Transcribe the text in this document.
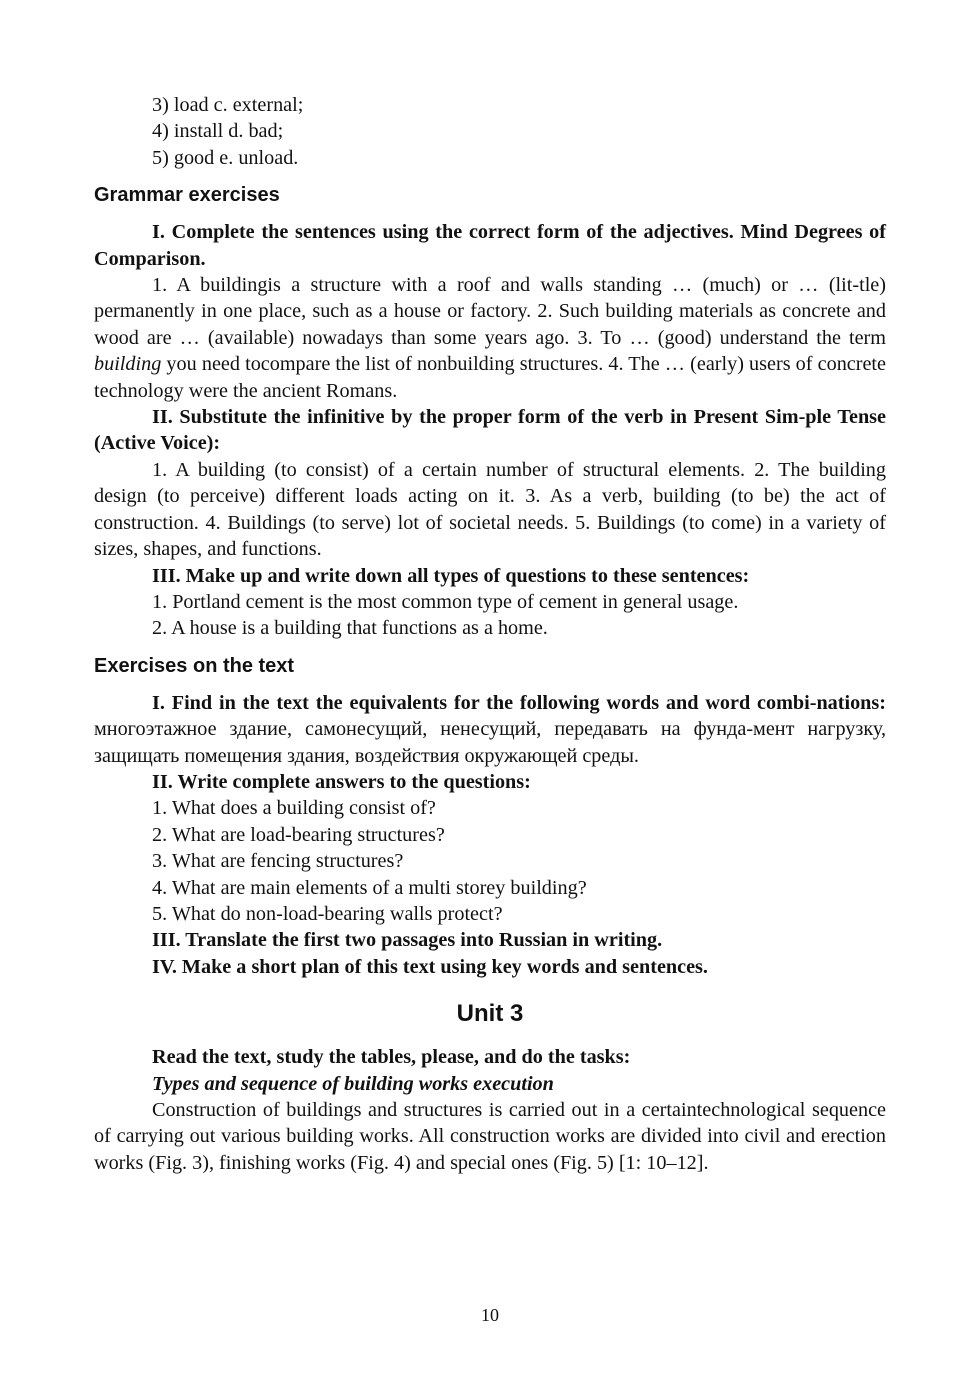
3) load c. external;

4) install d. bad;

5) good e. unload.

Grammar exercises

I. Complete the sentences using the correct form of the adjectives. Mind Degrees of Comparison.

1. A buildingis a structure with a roof and walls standing … (much) or … (lit-tle) permanently in one place, such as a house or factory. 2. Such building materials as concrete and wood are … (available) nowadays than some years ago. 3. To … (good) understand the term building you need tocompare the list of nonbuilding structures. 4. The … (early) users of concrete technology were the ancient Romans.

II. Substitute the infinitive by the proper form of the verb in Present Sim-ple Tense (Active Voice):

1. A building (to consist) of a certain number of structural elements. 2. The building design (to perceive) different loads acting on it. 3. As a verb, building (to be) the act of construction. 4. Buildings (to serve) lot of societal needs. 5. Buildings (to come) in a variety of sizes, shapes, and functions.

III. Make up and write down all types of questions to these sentences:

1. Portland cement is the most common type of cement in general usage.

2. A house is a building that functions as a home.

Exercises on the text

I. Find in the text the equivalents for the following words and word combi-nations: многоэтажное здание, самонесущий, ненесущий, передавать на фунда-мент нагрузку, защищать помещения здания, воздействия окружающей среды.

II. Write complete answers to the questions:

1. What does a building consist of?

2. What are load-bearing structures?

3. What are fencing structures?

4. What are main elements of a multi storey building?

5. What do non-load-bearing walls protect?

III. Translate the first two passages into Russian in writing.

IV. Make a short plan of this text using key words and sentences.

Unit 3

Read the text, study the tables, please, and do the tasks:

Types and sequence of building works execution

Construction of buildings and structures is carried out in a certaintechnological sequence of carrying out various building works. All construction works are divided into civil and erection works (Fig. 3), finishing works (Fig. 4) and special ones (Fig. 5) [1: 10–12].

10
